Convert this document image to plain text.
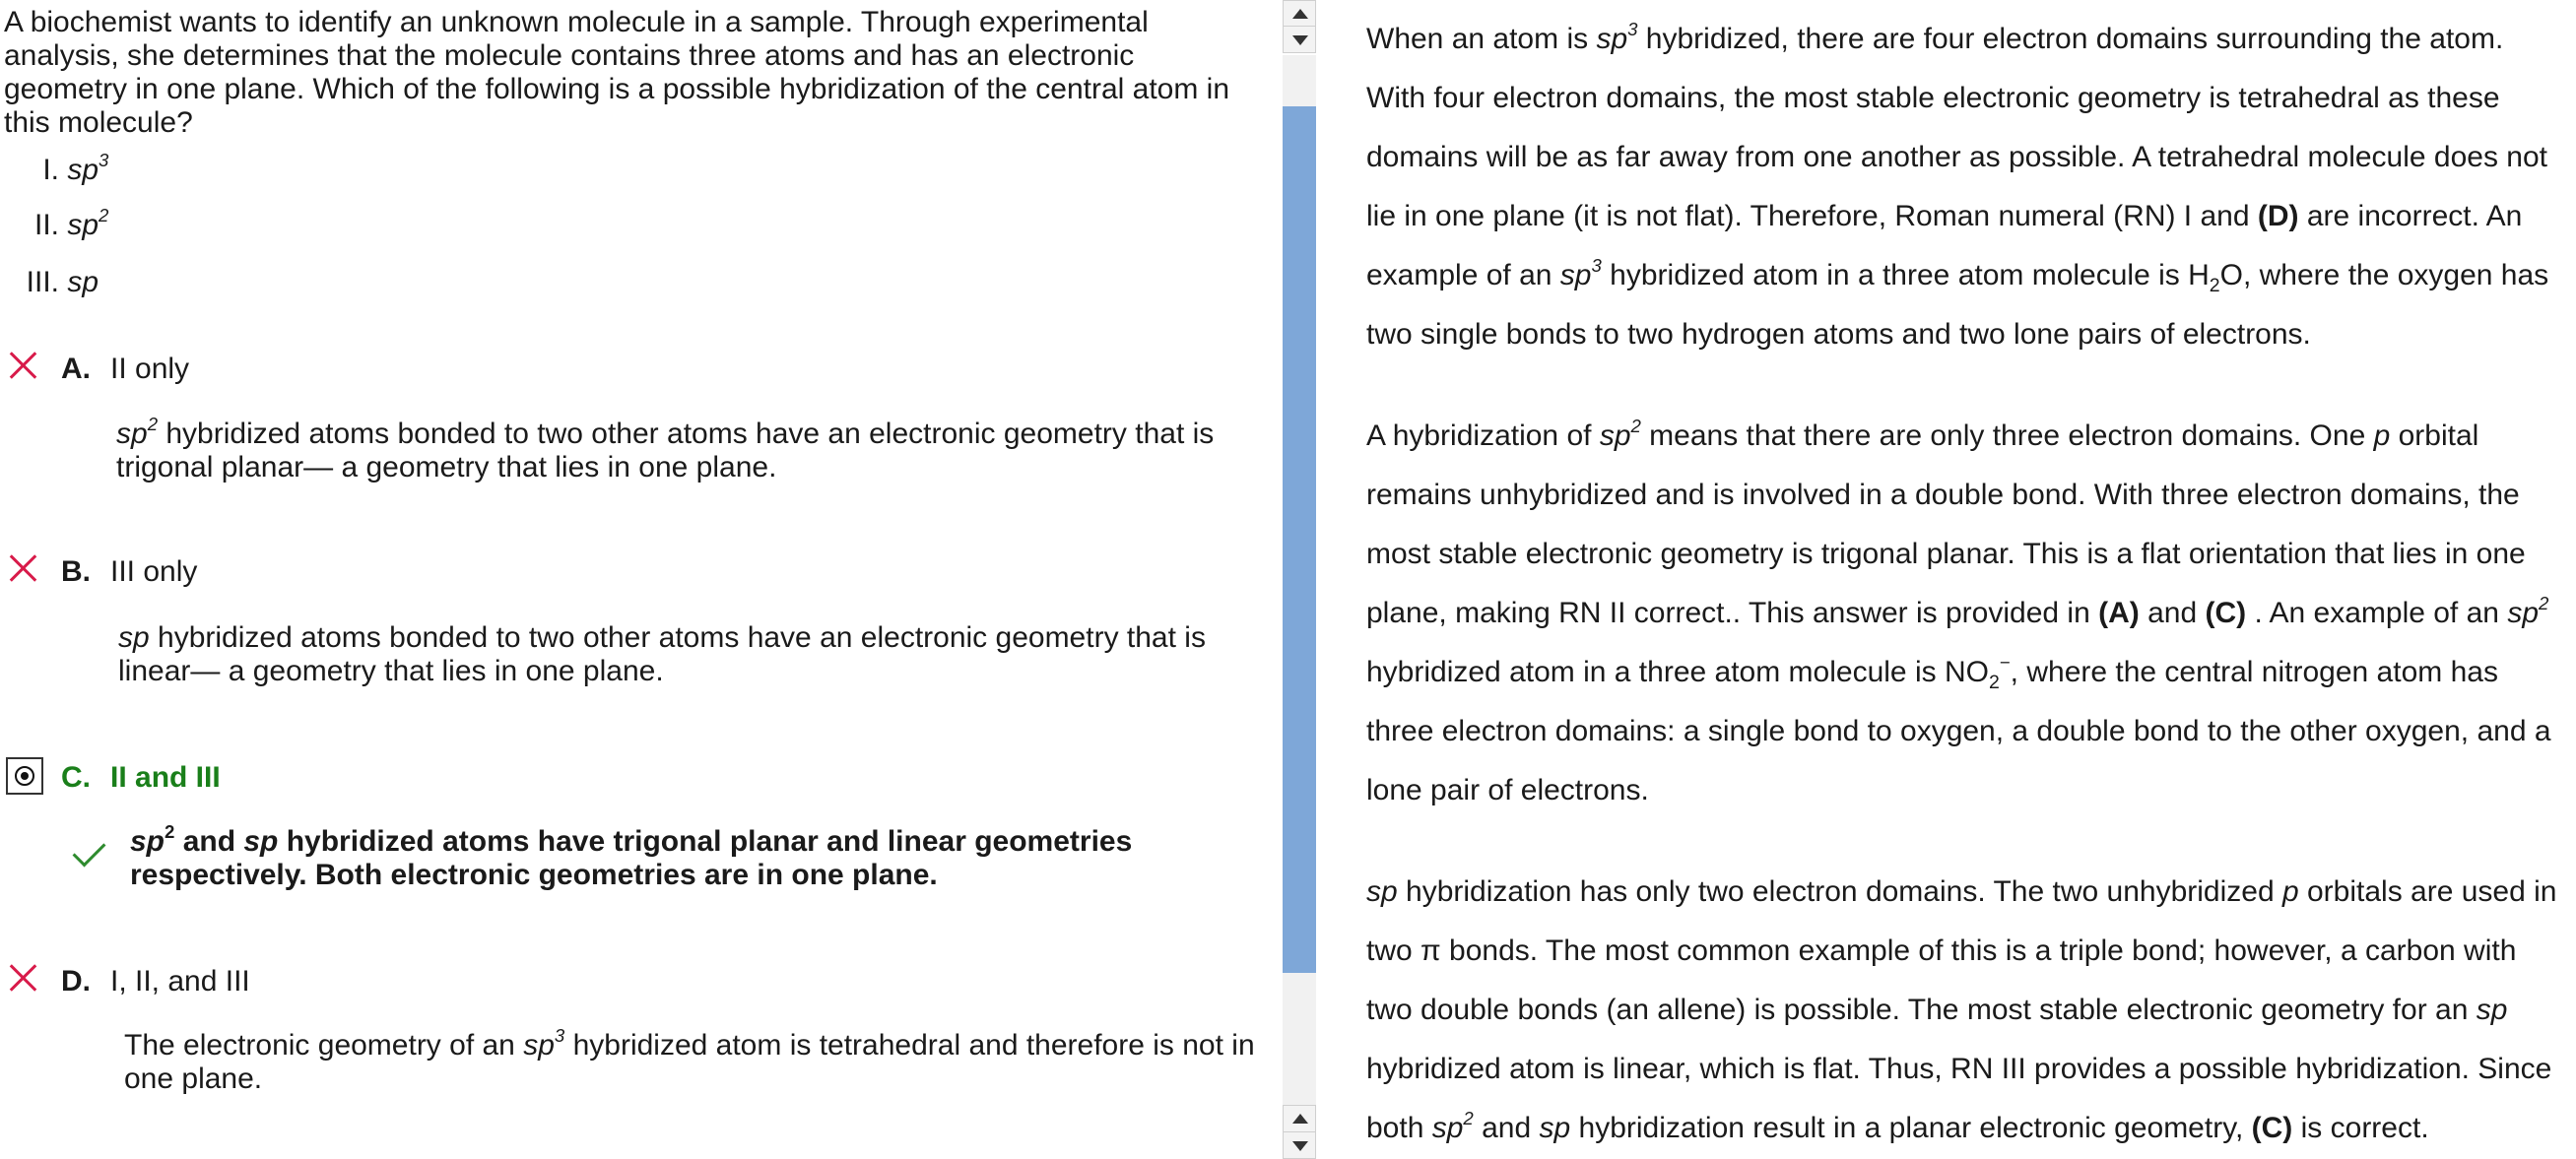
A biochemist wants to identify an unknown molecule in a sample. Through experimental analysis, she determines that the molecule contains three atoms and has an electronic geometry in one plane. Which of the following is a possible hybridization of the central atom in this molecule?
I. $sp^3$
II. $sp^2$
III. sp
A. II only
$sp^2$ hybridized atoms bonded to two other atoms have an electronic geometry that is trigonal planar— a geometry that lies in one plane.
B. III only
sp hybridized atoms bonded to two other atoms have an electronic geometry that is linear— a geometry that lies in one plane.
C. II and III
$sp^2$ and sp hybridized atoms have trigonal planar and linear geometries respectively. Both electronic geometries are in one plane.
D. I, II, and III
The electronic geometry of an $sp^3$ hybridized atom is tetrahedral and therefore is not in one plane.
When an atom is $sp^3$ hybridized, there are four electron domains surrounding the atom. With four electron domains, the most stable electronic geometry is tetrahedral as these domains will be as far away from one another as possible. A tetrahedral molecule does not lie in one plane (it is not flat). Therefore, Roman numeral (RN) I and (D) are incorrect. An example of an $sp^3$ hybridized atom in a three atom molecule is $H_2O$, where the oxygen has two single bonds to two hydrogen atoms and two lone pairs of electrons.
A hybridization of $sp^2$ means that there are only three electron domains. One p orbital remains unhybridized and is involved in a double bond. With three electron domains, the most stable electronic geometry is trigonal planar. This is a flat orientation that lies in one plane, making RN II correct.. This answer is provided in (A) and (C) . An example of an $sp^2$ hybridized atom in a three atom molecule is $NO_2^-$, where the central nitrogen atom has three electron domains: a single bond to oxygen, a double bond to the other oxygen, and a lone pair of electrons.
sp hybridization has only two electron domains. The two unhybridized p orbitals are used in two π bonds. The most common example of this is a triple bond; however, a carbon with two double bonds (an allene) is possible. The most stable electronic geometry for an sp hybridized atom is linear, which is flat. Thus, RN III provides a possible hybridization. Since both $sp^2$ and sp hybridization result in a planar electronic geometry, (C) is correct.
